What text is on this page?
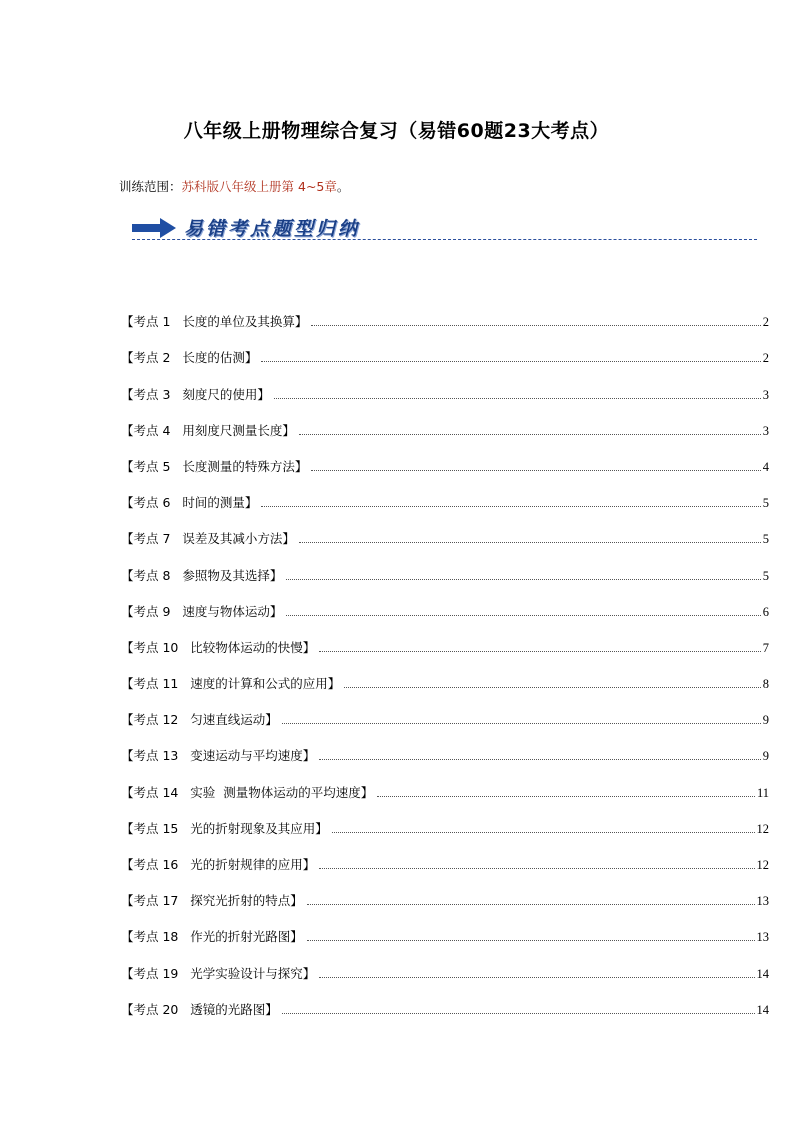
八年级上册物理综合复习（易错60题23大考点）
训练范围：苏科版八年级上册第 4~5章。
易错考点题型归纳
【考点 1   长度的单位及其换算】	2
【考点 2   长度的估测】	2
【考点 3   刻度尺的使用】	3
【考点 4   用刻度尺测量长度】	3
【考点 5   长度测量的特殊方法】	4
【考点 6   时间的测量】	5
【考点 7   误差及其减小方法】	5
【考点 8   参照物及其选择】	5
【考点 9   速度与物体运动】	6
【考点 10   比较物体运动的快慢】	7
【考点 11   速度的计算和公式的应用】	8
【考点 12   匀速直线运动】	9
【考点 13   变速运动与平均速度】	9
【考点 14   实验  测量物体运动的平均速度】	11
【考点 15   光的折射现象及其应用】	12
【考点 16   光的折射规律的应用】	12
【考点 17   探究光折射的特点】	13
【考点 18   作光的折射光路图】	13
【考点 19   光学实验设计与探究】	14
【考点 20   透镜的光路图】	14
